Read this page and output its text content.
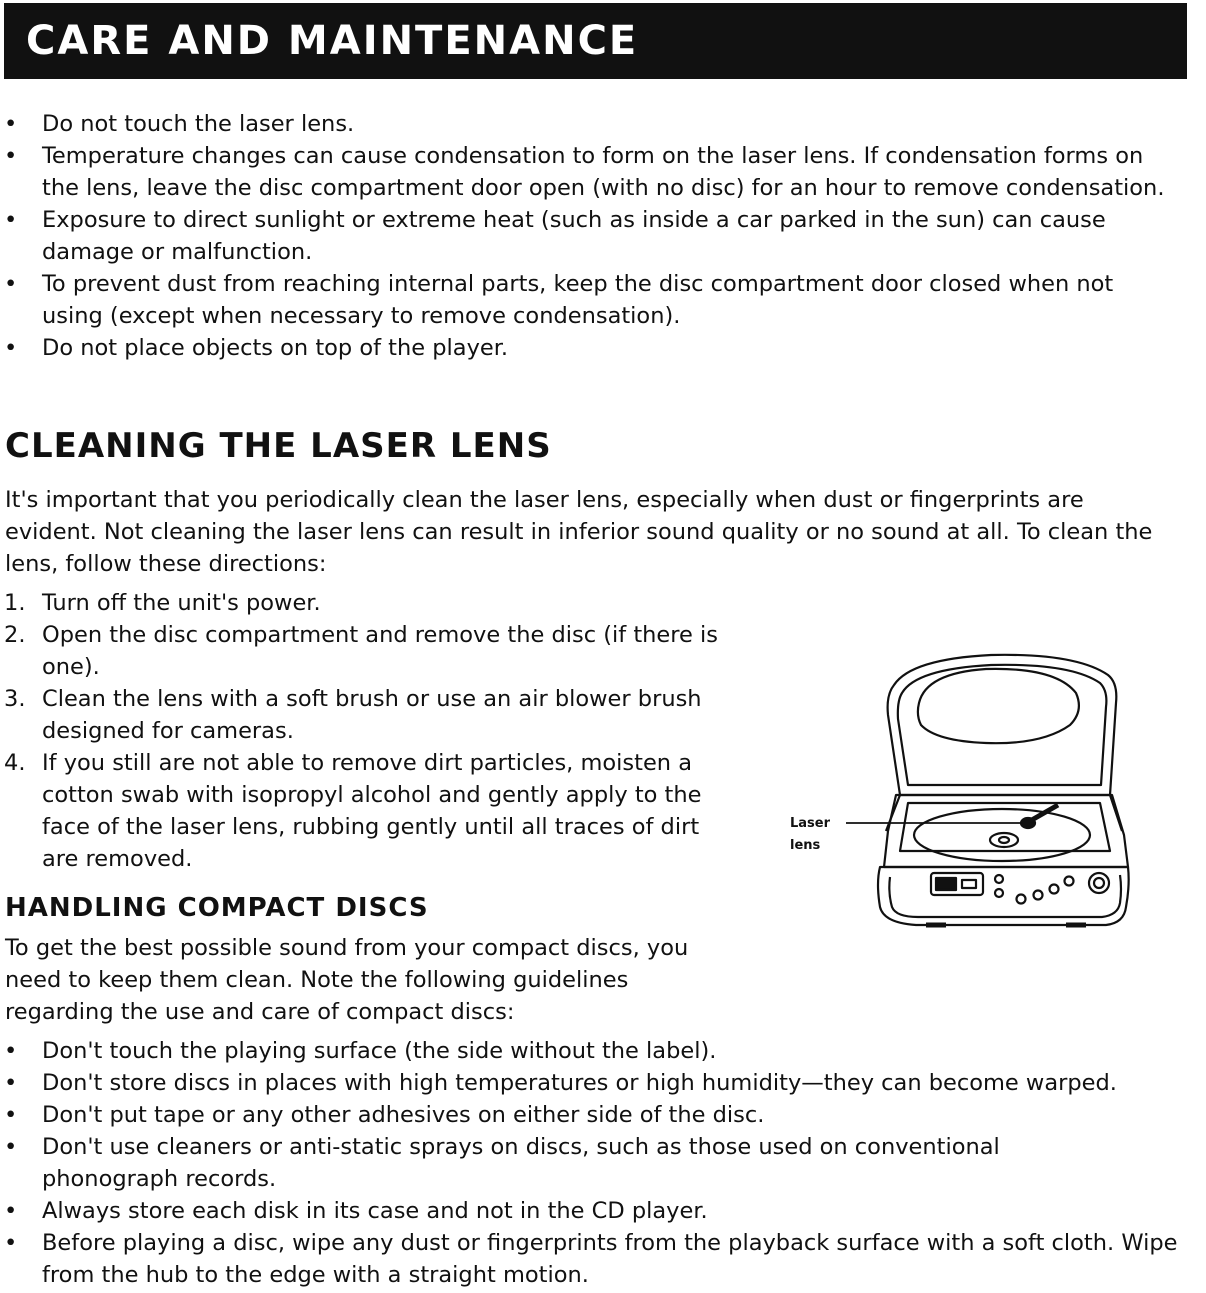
CARE AND MAINTENANCE
• Do not touch the laser lens.
• Temperature changes can cause condensation to form on the laser lens. If condensation forms on the lens, leave the disc compartment door open (with no disc) for an hour to remove condensation.
• Exposure to direct sunlight or extreme heat (such as inside a car parked in the sun) can cause damage or malfunction.
• To prevent dust from reaching internal parts, keep the disc compartment door closed when not using (except when necessary to remove condensation).
• Do not place objects on top of the player.
CLEANING THE LASER LENS

It's important that you periodically clean the laser lens, especially when dust or fingerprints are evident. Not cleaning the laser lens can result in inferior sound quality or no sound at all. To clean the lens, follow these directions:

1. Turn off the unit's power.
2. Open the disc compartment and remove the disc (if there is one).
3. Clean the lens with a soft brush or use an air blower brush designed for cameras.
4. If you still are not able to remove dirt particles, moisten a cotton swab with isopropyl alcohol and gently apply to the face of the laser lens, rubbing gently until all traces of dirt are removed.
Laser
lens
HANDLING COMPACT DISCS

To get the best possible sound from your compact discs, you need to keep them clean. Note the following guidelines regarding the use and care of compact discs:

• Don't touch the playing surface (the side without the label).
• Don't store discs in places with high temperatures or high humidity—they can become warped.
• Don't put tape or any other adhesives on either side of the disc.
• Don't use cleaners or anti-static sprays on discs, such as those used on conventional phonograph records.
• Always store each disk in its case and not in the CD player.
• Before playing a disc, wipe any dust or fingerprints from the playback surface with a soft cloth. Wipe from the hub to the edge with a straight motion.
